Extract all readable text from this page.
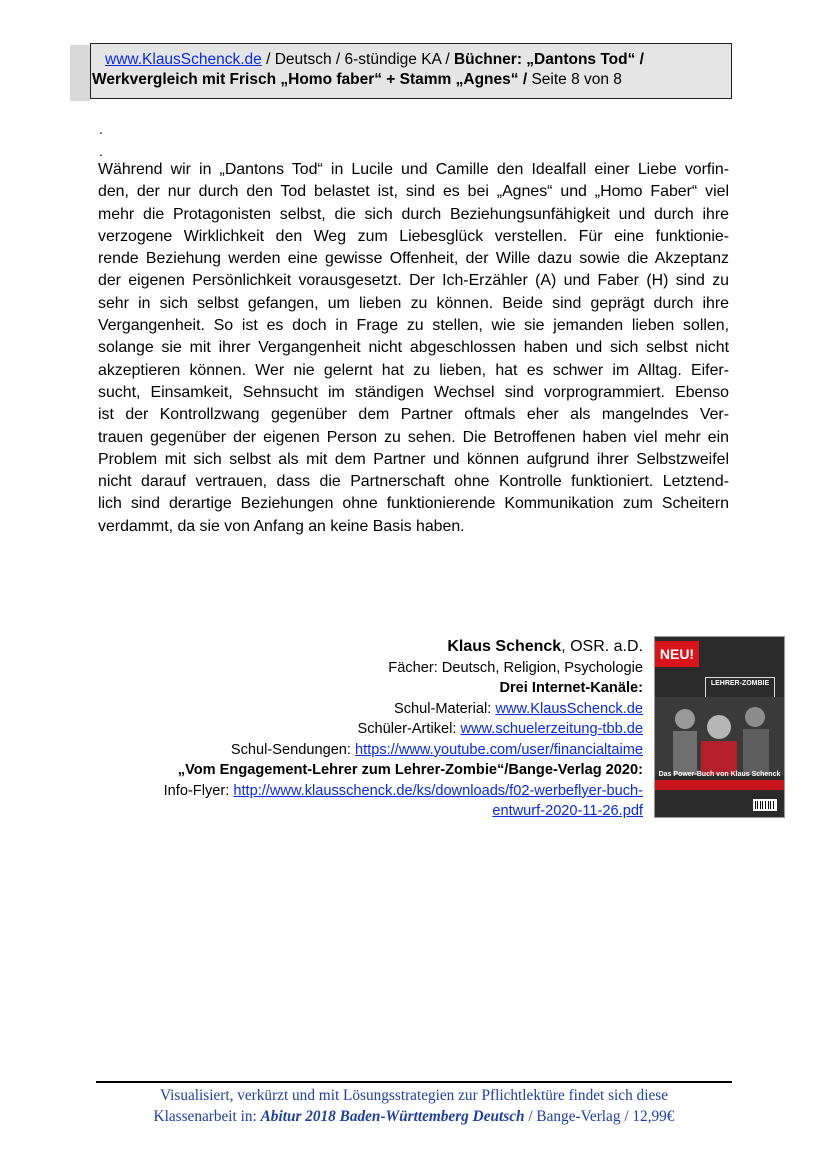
www.KlausSchenck.de / Deutsch / 6-stündige KA / Büchner: „Dantons Tod“ /
Werkvergleich mit Frisch „Homo faber“ + Stamm „Agnes“ / Seite 8 von 8
.
.
Während wir in „Dantons Tod“ in Lucile und Camille den Idealfall einer Liebe vorfin-
den, der nur durch den Tod belastet ist, sind es bei „Agnes“ und „Homo Faber“ viel
mehr die Protagonisten selbst, die sich durch Beziehungsunfähigkeit und durch ihre
verzogene Wirklichkeit den Weg zum Liebesglück verstellen. Für eine funktionie-
rende Beziehung werden eine gewisse Offenheit, der Wille dazu sowie die Akzeptanz
der eigenen Persönlichkeit vorausgesetzt. Der Ich-Erzähler (A) und Faber (H) sind zu
sehr in sich selbst gefangen, um lieben zu können. Beide sind geprägt durch ihre
Vergangenheit. So ist es doch in Frage zu stellen, wie sie jemanden lieben sollen,
solange sie mit ihrer Vergangenheit nicht abgeschlossen haben und sich selbst nicht
akzeptieren können. Wer nie gelernt hat zu lieben, hat es schwer im Alltag. Eifer-
sucht, Einsamkeit, Sehnsucht im ständigen Wechsel sind vorprogrammiert. Ebenso
ist der Kontrollzwang gegenüber dem Partner oftmals eher als mangelndes Ver-
trauen gegenüber der eigenen Person zu sehen. Die Betroffenen haben viel mehr ein
Problem mit sich selbst als mit dem Partner und können aufgrund ihrer Selbstzweifel
nicht darauf vertrauen, dass die Partnerschaft ohne Kontrolle funktioniert. Letztend-
lich sind derartige Beziehungen ohne funktionierende Kommunikation zum Scheitern
verdammt, da sie von Anfang an keine Basis haben.
Klaus Schenck, OSR. a.D.
Fächer: Deutsch, Religion, Psychologie
Drei Internet-Kanäle:
Schul-Material: www.KlausSchenck.de
Schüler-Artikel: www.schuelerzeitung-tbb.de
Schul-Sendungen: https://www.youtube.com/user/financialtaime
„Vom Engagement-Lehrer zum Lehrer-Zombie“/Bange-Verlag 2020:
Info-Flyer: http://www.klausschenck.de/ks/downloads/f02-werbeflyer-buch-
entwurf-2020-11-26.pdf
NEU!
LEHRER-ZOMBIE
Das Power-Buch von Klaus Schenck
Visualisiert, verkürzt und mit Lösungsstrategien zur Pflichtlektüre findet sich diese
Klassenarbeit in: Abitur 2018 Baden-Württemberg Deutsch / Bange-Verlag / 12,99€
